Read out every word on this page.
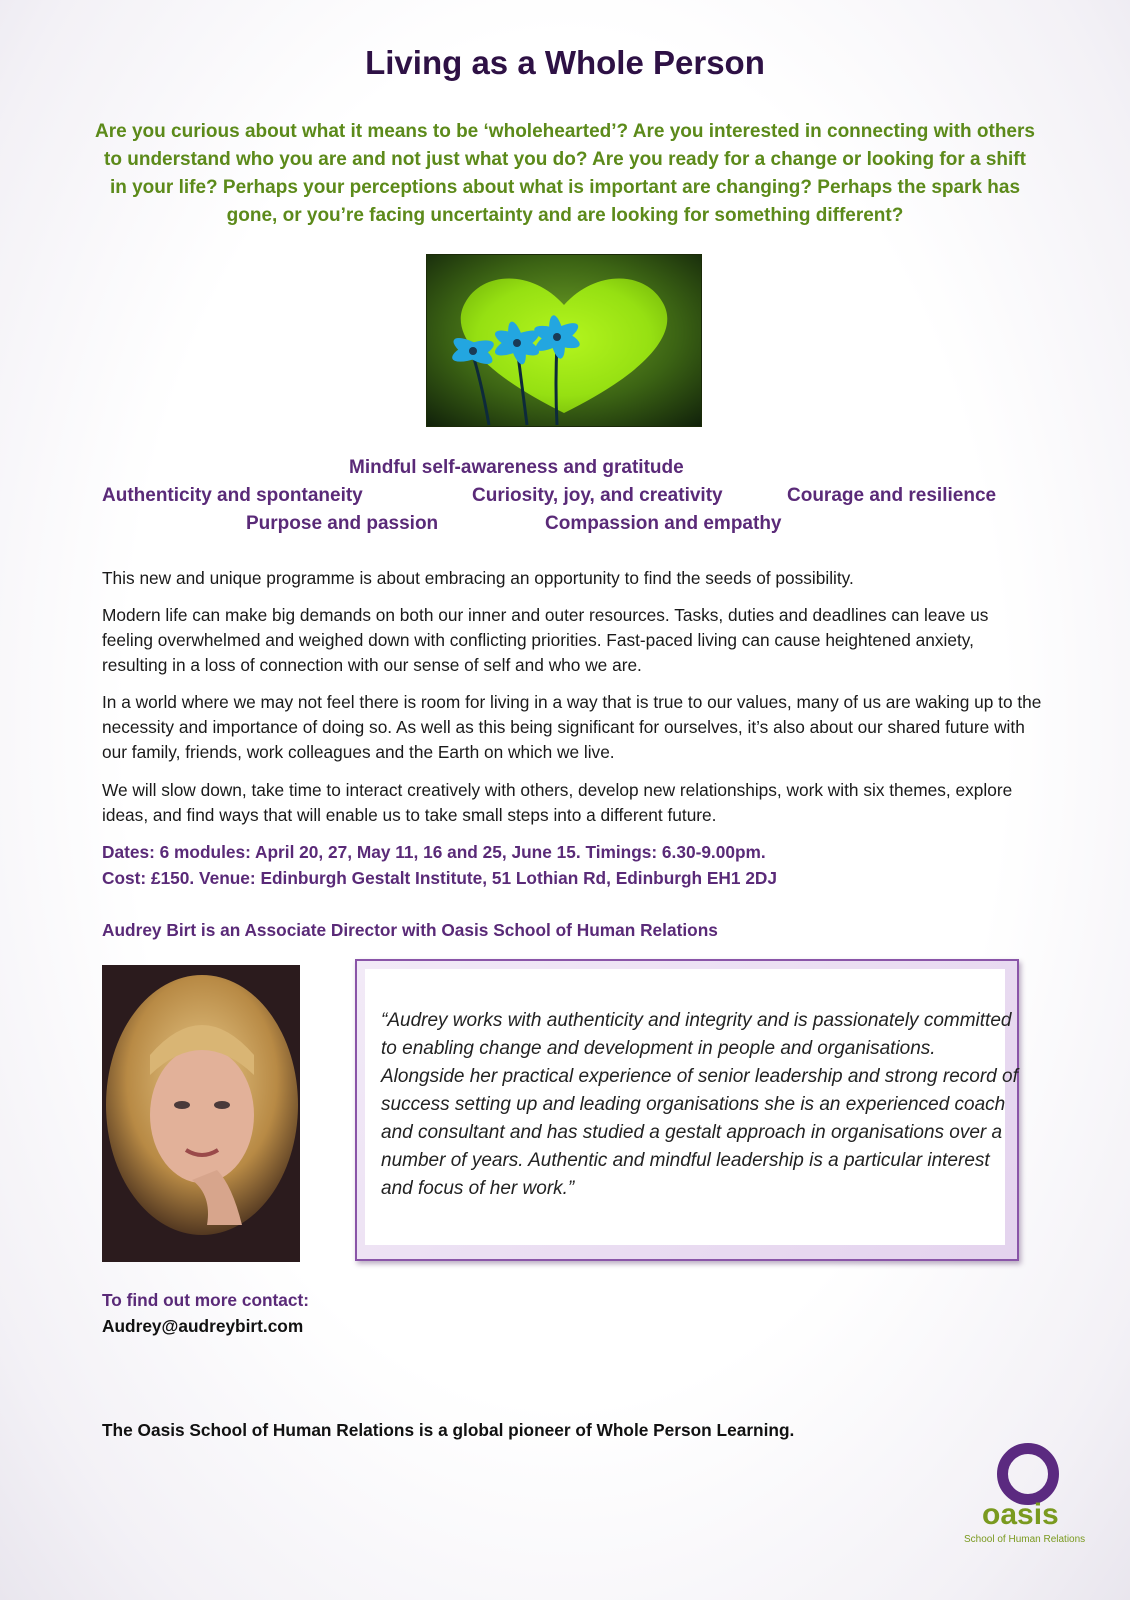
Living as a Whole Person

Are you curious about what it means to be ‘wholehearted’? Are you interested in connecting with others to understand who you are and not just what you do? Are you ready for a change or looking for a shift in your life? Perhaps your perceptions about what is important are changing? Perhaps the spark has gone, or you’re facing uncertainty and are looking for something different?

Mindful self-awareness and gratitude
Authenticity and spontaneity	Curiosity, joy, and creativity	Courage and resilience
Purpose and passion	Compassion and empathy

This new and unique programme is about embracing an opportunity to find the seeds of possibility.

Modern life can make big demands on both our inner and outer resources. Tasks, duties and deadlines can leave us feeling overwhelmed and weighed down with conflicting priorities. Fast-paced living can cause heightened anxiety, resulting in a loss of connection with our sense of self and who we are.

In a world where we may not feel there is room for living in a way that is true to our values, many of us are waking up to the necessity and importance of doing so. As well as this being significant for ourselves, it’s also about our shared future with our family, friends, work colleagues and the Earth on which we live.

We will slow down, take time to interact creatively with others, develop new relationships, work with six themes, explore ideas, and find ways that will enable us to take small steps into a different future.

Dates: 6 modules: April 20, 27, May 11, 16 and 25, June 15. Timings: 6.30-9.00pm.

Cost: £150. Venue: Edinburgh Gestalt Institute, 51 Lothian Rd, Edinburgh EH1 2DJ

Audrey Birt is an Associate Director with Oasis School of Human Relations

“Audrey works with authenticity and integrity and is passionately committed to enabling change and development in people and organisations. Alongside her practical experience of senior leadership and strong record of success setting up and leading organisations she is an experienced coach and consultant and has studied a gestalt approach in organisations over a number of years. Authentic and mindful leadership is a particular interest and focus of her work.”

To find out more contact:
Audrey@audreybirt.com
The Oasis School of Human Relations is a global pioneer of Whole Person Learning.
oasis
School of Human Relations
